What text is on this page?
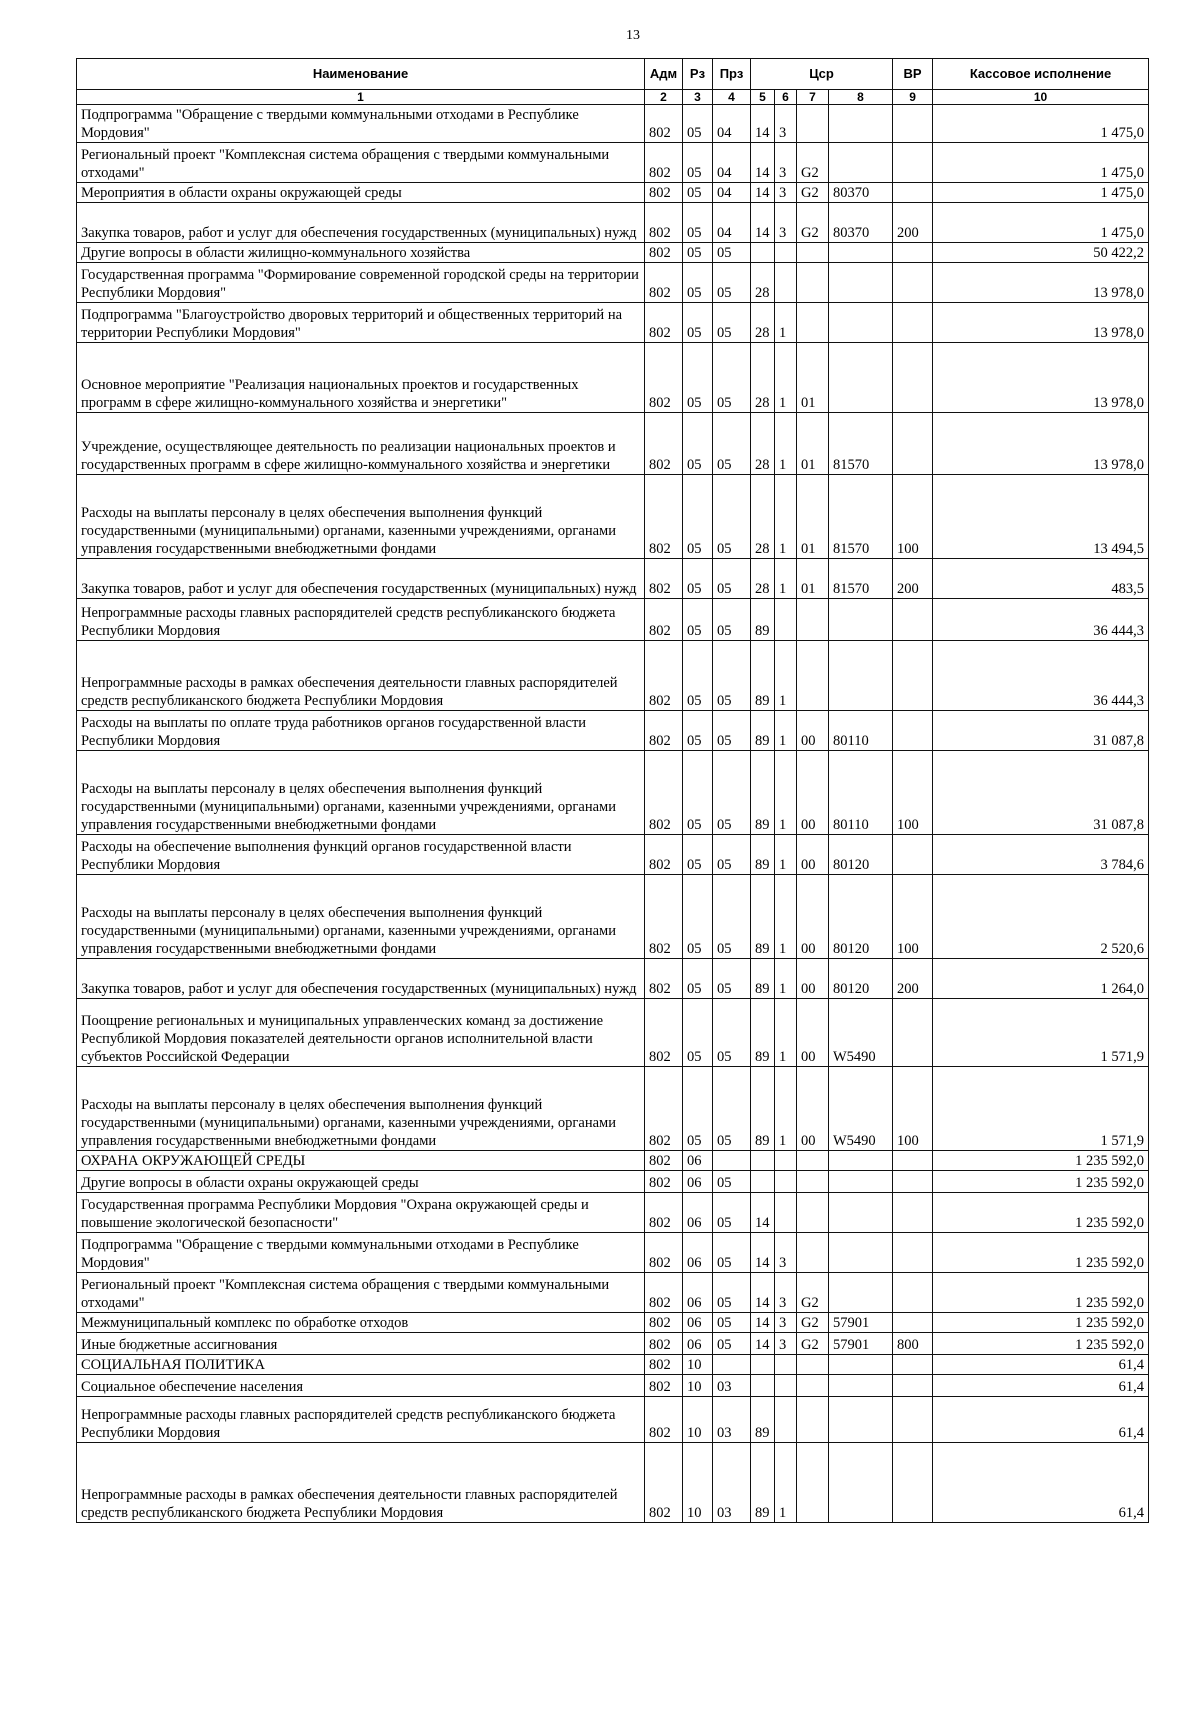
13
Наименование	Адм	Рз	Прз	Цср				ВР	Кассовое исполнение
1	2	3	4	5	6	7	8	9	10
Подпрограмма "Обращение с твердыми коммунальными отходами в Республике Мордовия"	802	05	04	14	3				1 475,0
Региональный проект "Комплексная система обращения с твердыми коммунальными отходами"	802	05	04	14	3	G2			1 475,0
Мероприятия в области охраны окружающей среды	802	05	04	14	3	G2	80370		1 475,0
Закупка товаров, работ и услуг для обеспечения государственных (муниципальных) нужд	802	05	04	14	3	G2	80370	200	1 475,0
Другие вопросы в области жилищно-коммунального хозяйства	802	05	05						50 422,2
Государственная программа "Формирование современной городской среды на территории Республики Мордовия"	802	05	05	28					13 978,0
Подпрограмма "Благоустройство дворовых территорий и общественных территорий на территории Республики Мордовия"	802	05	05	28	1				13 978,0
Основное мероприятие "Реализация национальных проектов и государственных программ в сфере жилищно-коммунального хозяйства и энергетики"	802	05	05	28	1	01			13 978,0
Учреждение, осуществляющее деятельность по реализации национальных проектов и государственных программ в сфере жилищно-коммунального хозяйства и энергетики	802	05	05	28	1	01	81570		13 978,0
Расходы на выплаты персоналу в целях обеспечения выполнения функций государственными (муниципальными) органами, казенными учреждениями, органами управления государственными внебюджетными фондами	802	05	05	28	1	01	81570	100	13 494,5
Закупка товаров, работ и услуг для обеспечения государственных (муниципальных) нужд	802	05	05	28	1	01	81570	200	483,5
Непрограммные расходы главных распорядителей средств республиканского бюджета Республики Мордовия	802	05	05	89					36 444,3
Непрограммные расходы в рамках обеспечения деятельности главных распорядителей средств республиканского бюджета Республики Мордовия	802	05	05	89	1				36 444,3
Расходы на выплаты по оплате труда работников органов государственной власти Республики Мордовия	802	05	05	89	1	00	80110		31 087,8
Расходы на выплаты персоналу в целях обеспечения выполнения функций государственными (муниципальными) органами, казенными учреждениями, органами управления государственными внебюджетными фондами	802	05	05	89	1	00	80110	100	31 087,8
Расходы на обеспечение выполнения функций органов государственной власти Республики Мордовия	802	05	05	89	1	00	80120		3 784,6
Расходы на выплаты персоналу в целях обеспечения выполнения функций государственными (муниципальными) органами, казенными учреждениями, органами управления государственными внебюджетными фондами	802	05	05	89	1	00	80120	100	2 520,6
Закупка товаров, работ и услуг для обеспечения государственных (муниципальных) нужд	802	05	05	89	1	00	80120	200	1 264,0
Поощрение региональных и муниципальных управленческих команд за достижение Республикой Мордовия показателей деятельности органов исполнительной власти субъектов Российской Федерации	802	05	05	89	1	00	W5490		1 571,9
Расходы на выплаты персоналу в целях обеспечения выполнения функций государственными (муниципальными) органами, казенными учреждениями, органами управления государственными внебюджетными фондами	802	05	05	89	1	00	W5490	100	1 571,9
ОХРАНА ОКРУЖАЮЩЕЙ СРЕДЫ	802	06							1 235 592,0
Другие вопросы в области охраны окружающей среды	802	06	05						1 235 592,0
Государственная программа Республики Мордовия "Охрана окружающей среды и повышение экологической безопасности"	802	06	05	14					1 235 592,0
Подпрограмма "Обращение с твердыми коммунальными отходами в Республике Мордовия"	802	06	05	14	3				1 235 592,0
Региональный проект "Комплексная система обращения с твердыми коммунальными отходами"	802	06	05	14	3	G2			1 235 592,0
Межмуниципальный комплекс по обработке отходов	802	06	05	14	3	G2	57901		1 235 592,0
Иные бюджетные ассигнования	802	06	05	14	3	G2	57901	800	1 235 592,0
СОЦИАЛЬНАЯ ПОЛИТИКА	802	10							61,4
Социальное обеспечение населения	802	10	03						61,4
Непрограммные расходы главных распорядителей средств республиканского бюджета Республики Мордовия	802	10	03	89					61,4
Непрограммные расходы в рамках обеспечения деятельности главных распорядителей средств республиканского бюджета Республики Мордовия	802	10	03	89	1				61,4
